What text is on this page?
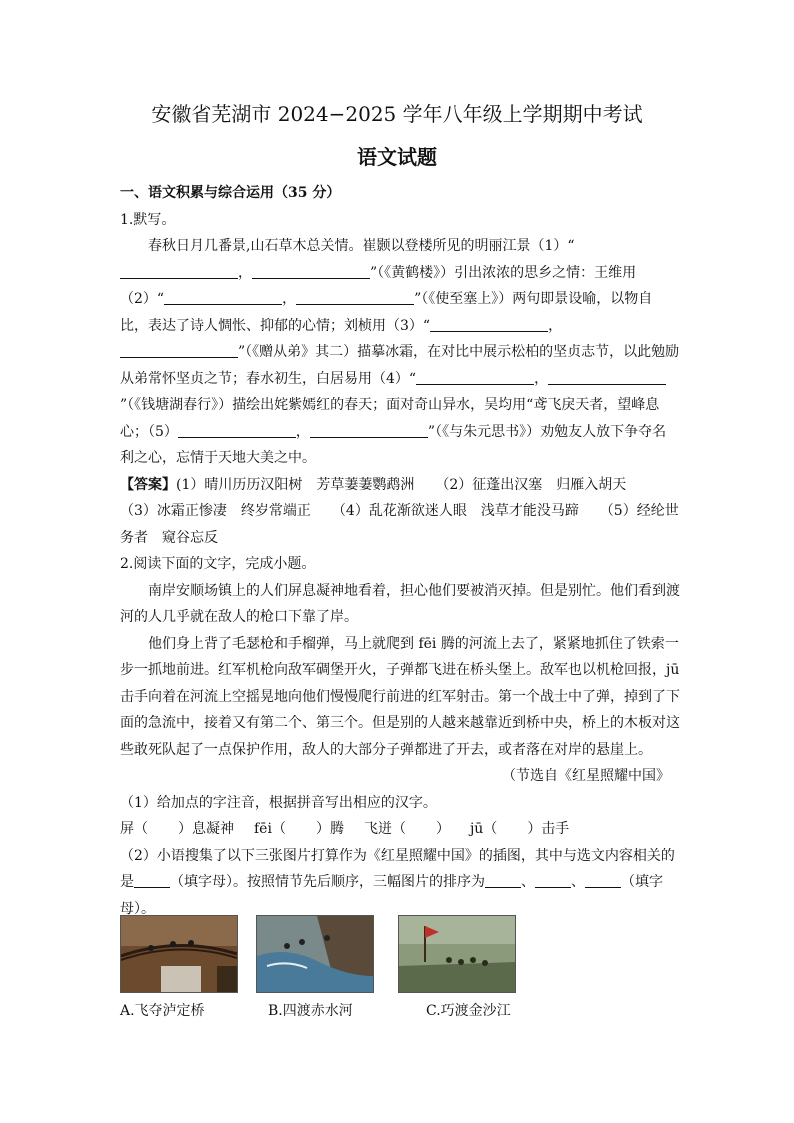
安徽省芜湖市 2024−2025 学年八年级上学期期中考试
语文试题

一、语文积累与综合运用（35 分）

1.默写。

春秋日月几番景,山石草木总关情。崔颢以登楼所见的明丽江景（1）“，	”（《黄鹤楼》）引出浓浓的思乡之情：王维用（2）“	，	”（《使至塞上》）两句即景设喻，以物自比，表达了诗人惆怅、抑郁的心情；刘桢用（3）“	，”（《赠从弟》其二）描摹冰霜，在对比中展示松柏的坚贞志节，以此勉励从弟常怀坚贞之节；春水初生，白居易用（4）“	，”（《钱塘湖春行》）描绘出姹紫嫣红的春天；面对奇山异水，吴均用“鸢飞戾天者，望峰息心；（5）	，	”（《与朱元思书》）劝勉友人放下争夺名利之心，忘情于天地大美之中。

【答案】(1）晴川历历汉阳树　芳草萋萋鹦鹉洲　　（2）征蓬出汉塞　归雁入胡天

（3）冰霜正惨凄　终岁常端正　　（4）乱花渐欲迷人眼　浅草才能没马蹄　　（5）经纶世务者　窥谷忘反

2.阅读下面的文字，完成小题。

南岸安顺场镇上的人们屏息凝神地看着，担心他们要被消灭掉。但是别忙。他们看到渡河的人几乎就在敌人的枪口下靠了岸。

他们身上背了毛瑟枪和手榴弹，马上就爬到 fēi 腾的河流上去了，紧紧地抓住了铁索一步一抓地前进。红军机枪向敌军碉堡开火，子弹都飞进在桥头堡上。敌军也以机枪回报，jū 击手向着在河流上空摇晃地向他们慢慢爬行前进的红军射击。第一个战士中了弹，掉到了下面的急流中，接着又有第二个、第三个。但是别的人越来越靠近到桥中央，桥上的木板对这些敢死队起了一点保护作用，敌人的大部分子弹都进了开去，或者落在对岸的悬崖上。

（节选自《红星照耀中国》

（1）给加点的字注音，根据拼音写出相应的汉字。

屏（ ）息凝神 fēi（ ）腾 飞迸（ ） jū（ ）击手

（2）小语搜集了以下三张图片打算作为《红星照耀中国》的插图，其中与选文内容相关的是	（填字母）。按照情节先后顺序，三幅图片的排序为	、	、	（填字母）。

A.飞夺泸定桥	B.四渡赤水河	C.巧渡金沙江
